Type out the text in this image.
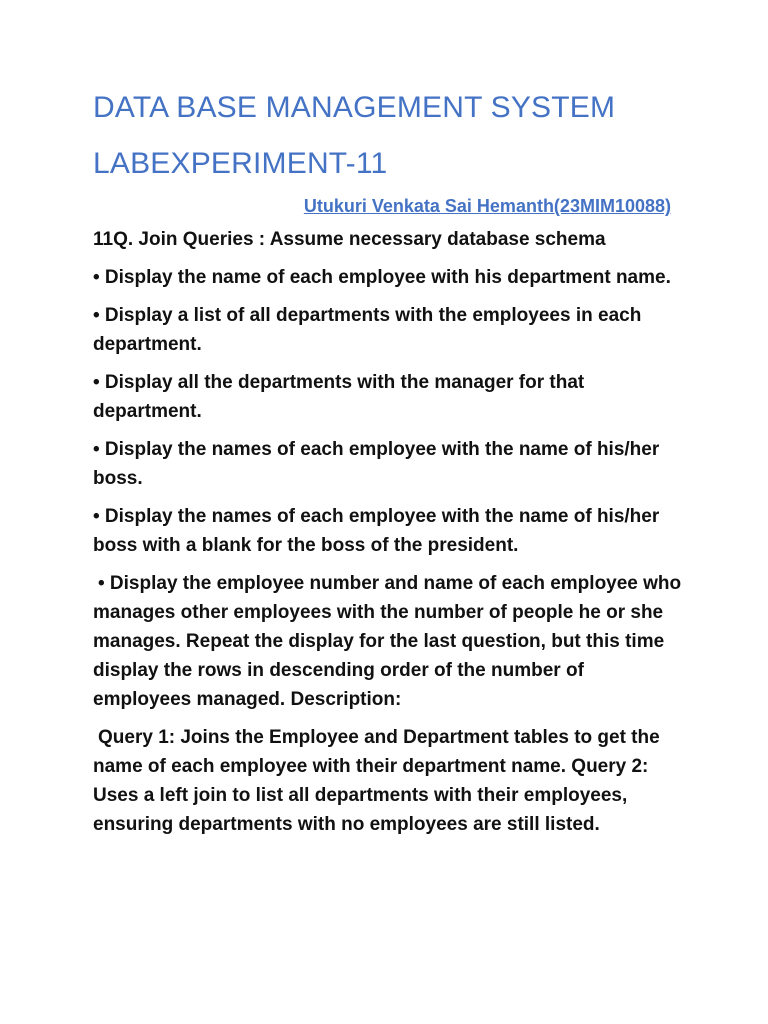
DATA BASE MANAGEMENT SYSTEM
LABEXPERIMENT-11
Utukuri Venkata Sai Hemanth(23MIM10088)

11Q. Join Queries : Assume necessary database schema

• Display the name of each employee with his department name.

• Display a list of all departments with the employees in each department.

• Display all the departments with the manager for that department.

• Display the names of each employee with the name of his/her boss.

• Display the names of each employee with the name of his/her boss with a blank for the boss of the president.

• Display the employee number and name of each employee who manages other employees with the number of people he or she manages. Repeat the display for the last question, but this time display the rows in descending order of the number of employees managed. Description:

Query 1: Joins the Employee and Department tables to get the name of each employee with their department name. Query 2: Uses a left join to list all departments with their employees, ensuring departments with no employees are still listed.
